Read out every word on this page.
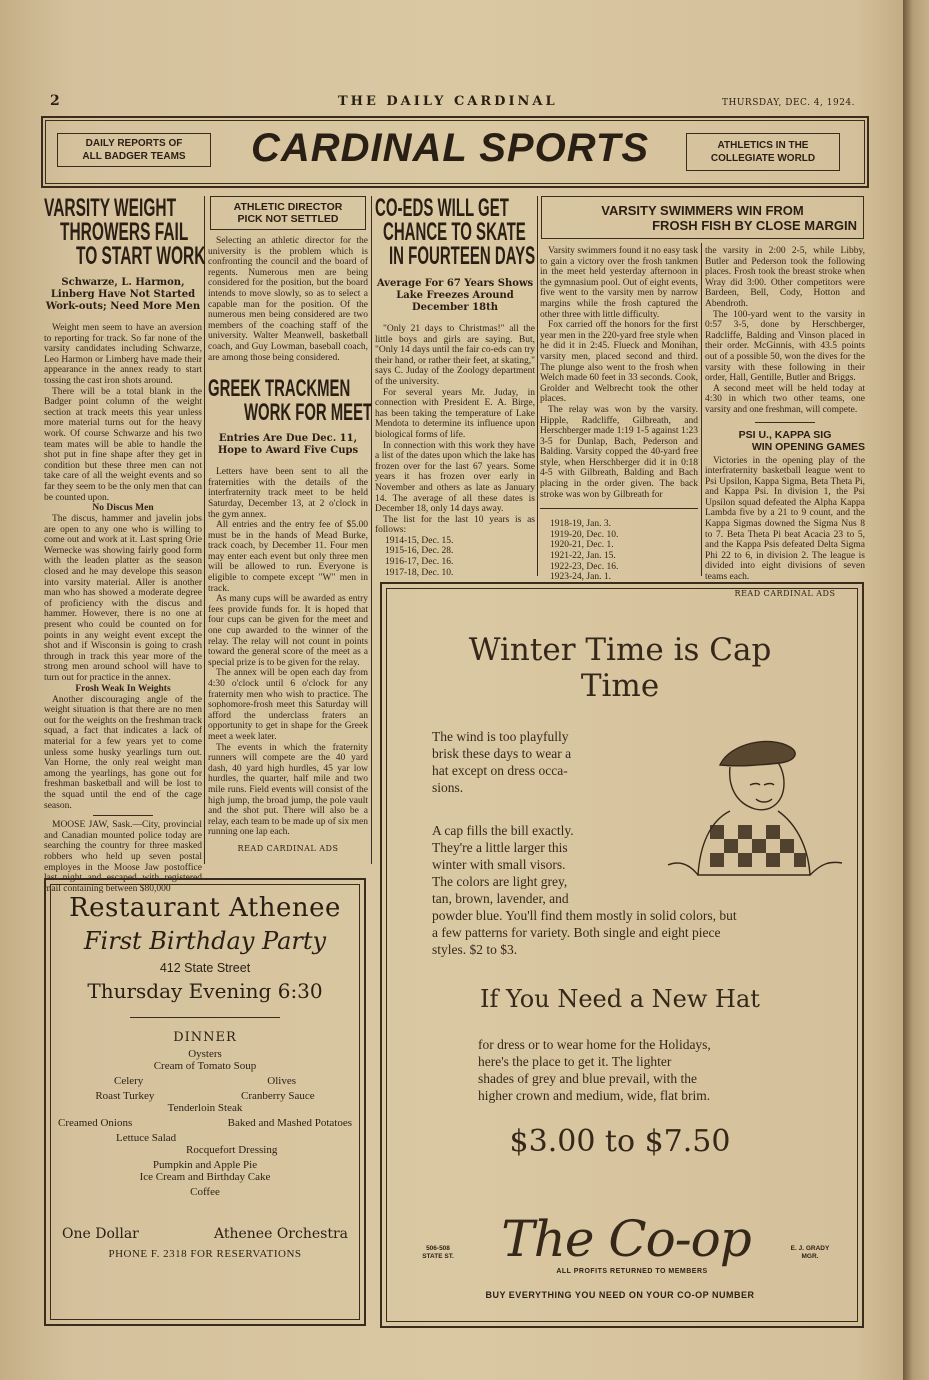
2	THE DAILY CARDINAL	THURSDAY, DEC. 4, 1924.
DAILY REPORTS OF
ALL BADGER TEAMS	CARDINAL SPORTS	ATHLETICS IN THE
COLLEGIATE WORLD
VARSITY WEIGHT
THROWERS FAIL
TO START WORK
Schwarze, L. Harmon, Linberg Have Not Started Work-outs; Need More Men

Weight men seem to have an aversion to reporting for track. So far none of the varsity candidates including Schwarze, Leo Harmon or Limberg have made their appearance in the annex ready to start tossing the cast iron shots around.

There will be a total blank in the Badger point column of the weight section at track meets this year unless more material turns out for the heavy work. Of course Schwarze and his two team mates will be able to handle the shot put in fine shape after they get in condition but these three men can not take care of all the weight events and so far they seem to be the only men that can be counted upon.

No Discus Men

The discus, hammer and javelin jobs are open to any one who is willing to come out and work at it. Last spring Orie Wernecke was showing fairly good form with the leaden platter as the season closed and he may develope this season into varsity material. Aller is another man who has showed a moderate degree of proficiency with the discus and hammer. However, there is no one at present who could be counted on for points in any weight event except the shot and if Wisconsin is going to crash through in track this year more of the strong men around school will have to turn out for practice in the annex.

Frosh Weak In Weights

Another discouraging angle of the weight situation is that there are no men out for the weights on the freshman track squad, a fact that indicates a lack of material for a few years yet to come unless some husky yearlings turn out. Van Horne, the only real weight man among the yearlings, has gone out for freshman basketball and will be lost to the squad until the end of the cage season.

MOOSE JAW, Sask.—City, provincial and Canadian mounted police today are searching the country for three masked robbers who held up seven postal employes in the Moose Jaw postoffice last night and escaped with registered mail containing between $80,000

ATHLETIC DIRECTOR
PICK NOT SETTLED

Selecting an athletic director for the university is the problem which is confronting the council and the board of regents. Numerous men are being considered for the position, but the board intends to move slowly, so as to select a capable man for the position. Of the numerous men being considered are two members of the coaching staff of the university. Walter Meanwell, basketball coach, and Guy Lowman, baseball coach, are among those being considered.

GREEK TRACKMEN
WORK FOR MEET
Entries Are Due Dec. 11, Hope to Award Five Cups

Letters have been sent to all the fraternities with the details of the interfraternity track meet to be held Saturday, December 13, at 2 o'clock in the gym annex.

All entries and the entry fee of $5.00 must be in the hands of Mead Burke, track coach, by December 11. Four men may enter each event but only three men will be allowed to run. Everyone is eligible to compete except "W" men in track.

As many cups will be awarded as entry fees provide funds for. It is hoped that four cups can be given for the meet and one cup awarded to the winner of the relay. The relay will not count in points toward the general score of the meet as a special prize is to be given for the relay.

The annex will be open each day from 4:30 o'clock until 6 o'clock for any fraternity men who wish to practice. The sophomore-frosh meet this Saturday will afford the underclass fraters an opportunity to get in shape for the Greek meet a week later.

The events in which the fraternity runners will compete are the 40 yard dash, 40 yard high hurdles, 45 yar low hurdles, the quarter, half mile and two mile runs. Field events will consist of the high jump, the broad jump, the pole vault and the shot put. There will also be a relay, each team to be made up of six men running one lap each.

READ CARDINAL ADS
CO-EDS WILL GET
CHANCE TO SKATE
IN FOURTEEN DAYS
Average For 67 Years Shows Lake Freezes Around December 18th

"Only 21 days to Christmas!" all the little boys and girls are saying. But, "Only 14 days until the fair co-eds can try their hand, or rather their feet, at skating," says C. Juday of the Zoology department of the university.

For several years Mr. Juday, in connection with President E. A. Birge, has been taking the temperature of Lake Mendota to determine its influence upon biological forms of life.

In connection with this work they have a list of the dates upon which the lake has frozen over for the last 67 years. Some years it has frozen over early in November and others as late as January 14. The average of all these dates is December 18, only 14 days away.

The list for the last 10 years is as follows:

1914-15, Dec. 15.
1915-16, Dec. 28.
1916-17, Dec. 16.
1917-18, Dec. 10.
VARSITY SWIMMERS WIN FROM
FROSH FISH BY CLOSE MARGIN

Varsity swimmers found it no easy task to gain a victory over the frosh tankmen in the meet held yesterday afternoon in the gymnasium pool. Out of eight events, five went to the varsity men by narrow margins while the frosh captured the other three with little difficulty.

Fox carried off the honors for the first year men in the 220-yard free style when he did it in 2:45. Flueck and Monihan, varsity men, placed second and third. The plunge also went to the frosh when Welch made 60 feet in 33 seconds. Cook, Grolder and Welbrecht took the other places.

The relay was won by the varsity. Hipple, Radcliffe, Gilbreath, and Herschberger made 1:19 1-5 against 1:23 3-5 for Dunlap, Bach, Pederson and Balding. Varsity copped the 40-yard free style, when Herschberger did it in 0:18 4-5 with Gilbreath, Balding and Bach placing in the order given. The back stroke was won by Gilbreath for

1918-19, Jan. 3.
1919-20, Dec. 10.
1920-21, Dec. 1.
1921-22, Jan. 15.
1922-23, Dec. 16.
1923-24, Jan. 1.

the varsity in 2:00 2-5, while Libby, Butler and Pederson took the following places. Frosh took the breast stroke when Wray did 3:00. Other competitors were Bardeen, Bell, Cody, Hotton and Abendroth.

The 100-yard went to the varsity in 0:57 3-5, done by Herschberger, Radcliffe, Balding and Vinson placed in their order. McGinnis, with 43.5 points out of a possible 50, won the dives for the varsity with these following in their order, Hall, Gentille, Butler and Briggs.

A second meet will be held today at 4:30 in which two other teams, one varsity and one freshman, will compete.

PSI U., KAPPA SIG
WIN OPENING GAMES

Victories in the opening play of the interfraternity basketball league went to Psi Upsilon, Kappa Sigma, Beta Theta Pi, and Kappa Psi. In division 1, the Psi Upsilon squad defeated the Alpha Kappa Lambda five by a 21 to 9 count, and the Kappa Sigmas downed the Sigma Nus 8 to 7. Beta Theta Pi beat Acacia 23 to 5, and the Kappa Psis defeated Delta Sigma Phi 22 to 6, in division 2. The league is divided into eight divisions of seven teams each.

READ CARDINAL ADS
Restaurant Athenee
First Birthday Party
412 State Street
Thursday Evening 6:30
DINNER
Oysters
Cream of Tomato Soup
Celery	Olives
Roast Turkey	Cranberry Sauce
Tenderloin Steak
Creamed Onions	Baked and Mashed Potatoes
Lettuce Salad
Rocquefort Dressing
Pumpkin and Apple Pie
Ice Cream and Birthday Cake
Coffee
One Dollar	Athenee Orchestra
PHONE F. 2318 FOR RESERVATIONS
Winter Time is Cap
Time
The wind is too playfully
brisk these days to wear a
hat except on dress occa-
sions.
A cap fills the bill exactly.
They're a little larger this
winter with small visors.
The colors are light grey,
tan, brown, lavender, and
powder blue. You'll find them mostly in solid colors, but
a few patterns for variety. Both single and eight piece
styles. $2 to $3.
If You Need a New Hat
for dress or to wear home for the Holidays,
here's the place to get it. The lighter
shades of grey and blue prevail, with the
higher crown and medium, wide, flat brim.
$3.00 to $7.50
506-508
STATE ST. The Co-op
ALL PROFITS RETURNED TO MEMBERS
E. J. GRADY
MGR.
BUY EVERYTHING YOU NEED ON YOUR CO-OP NUMBER
